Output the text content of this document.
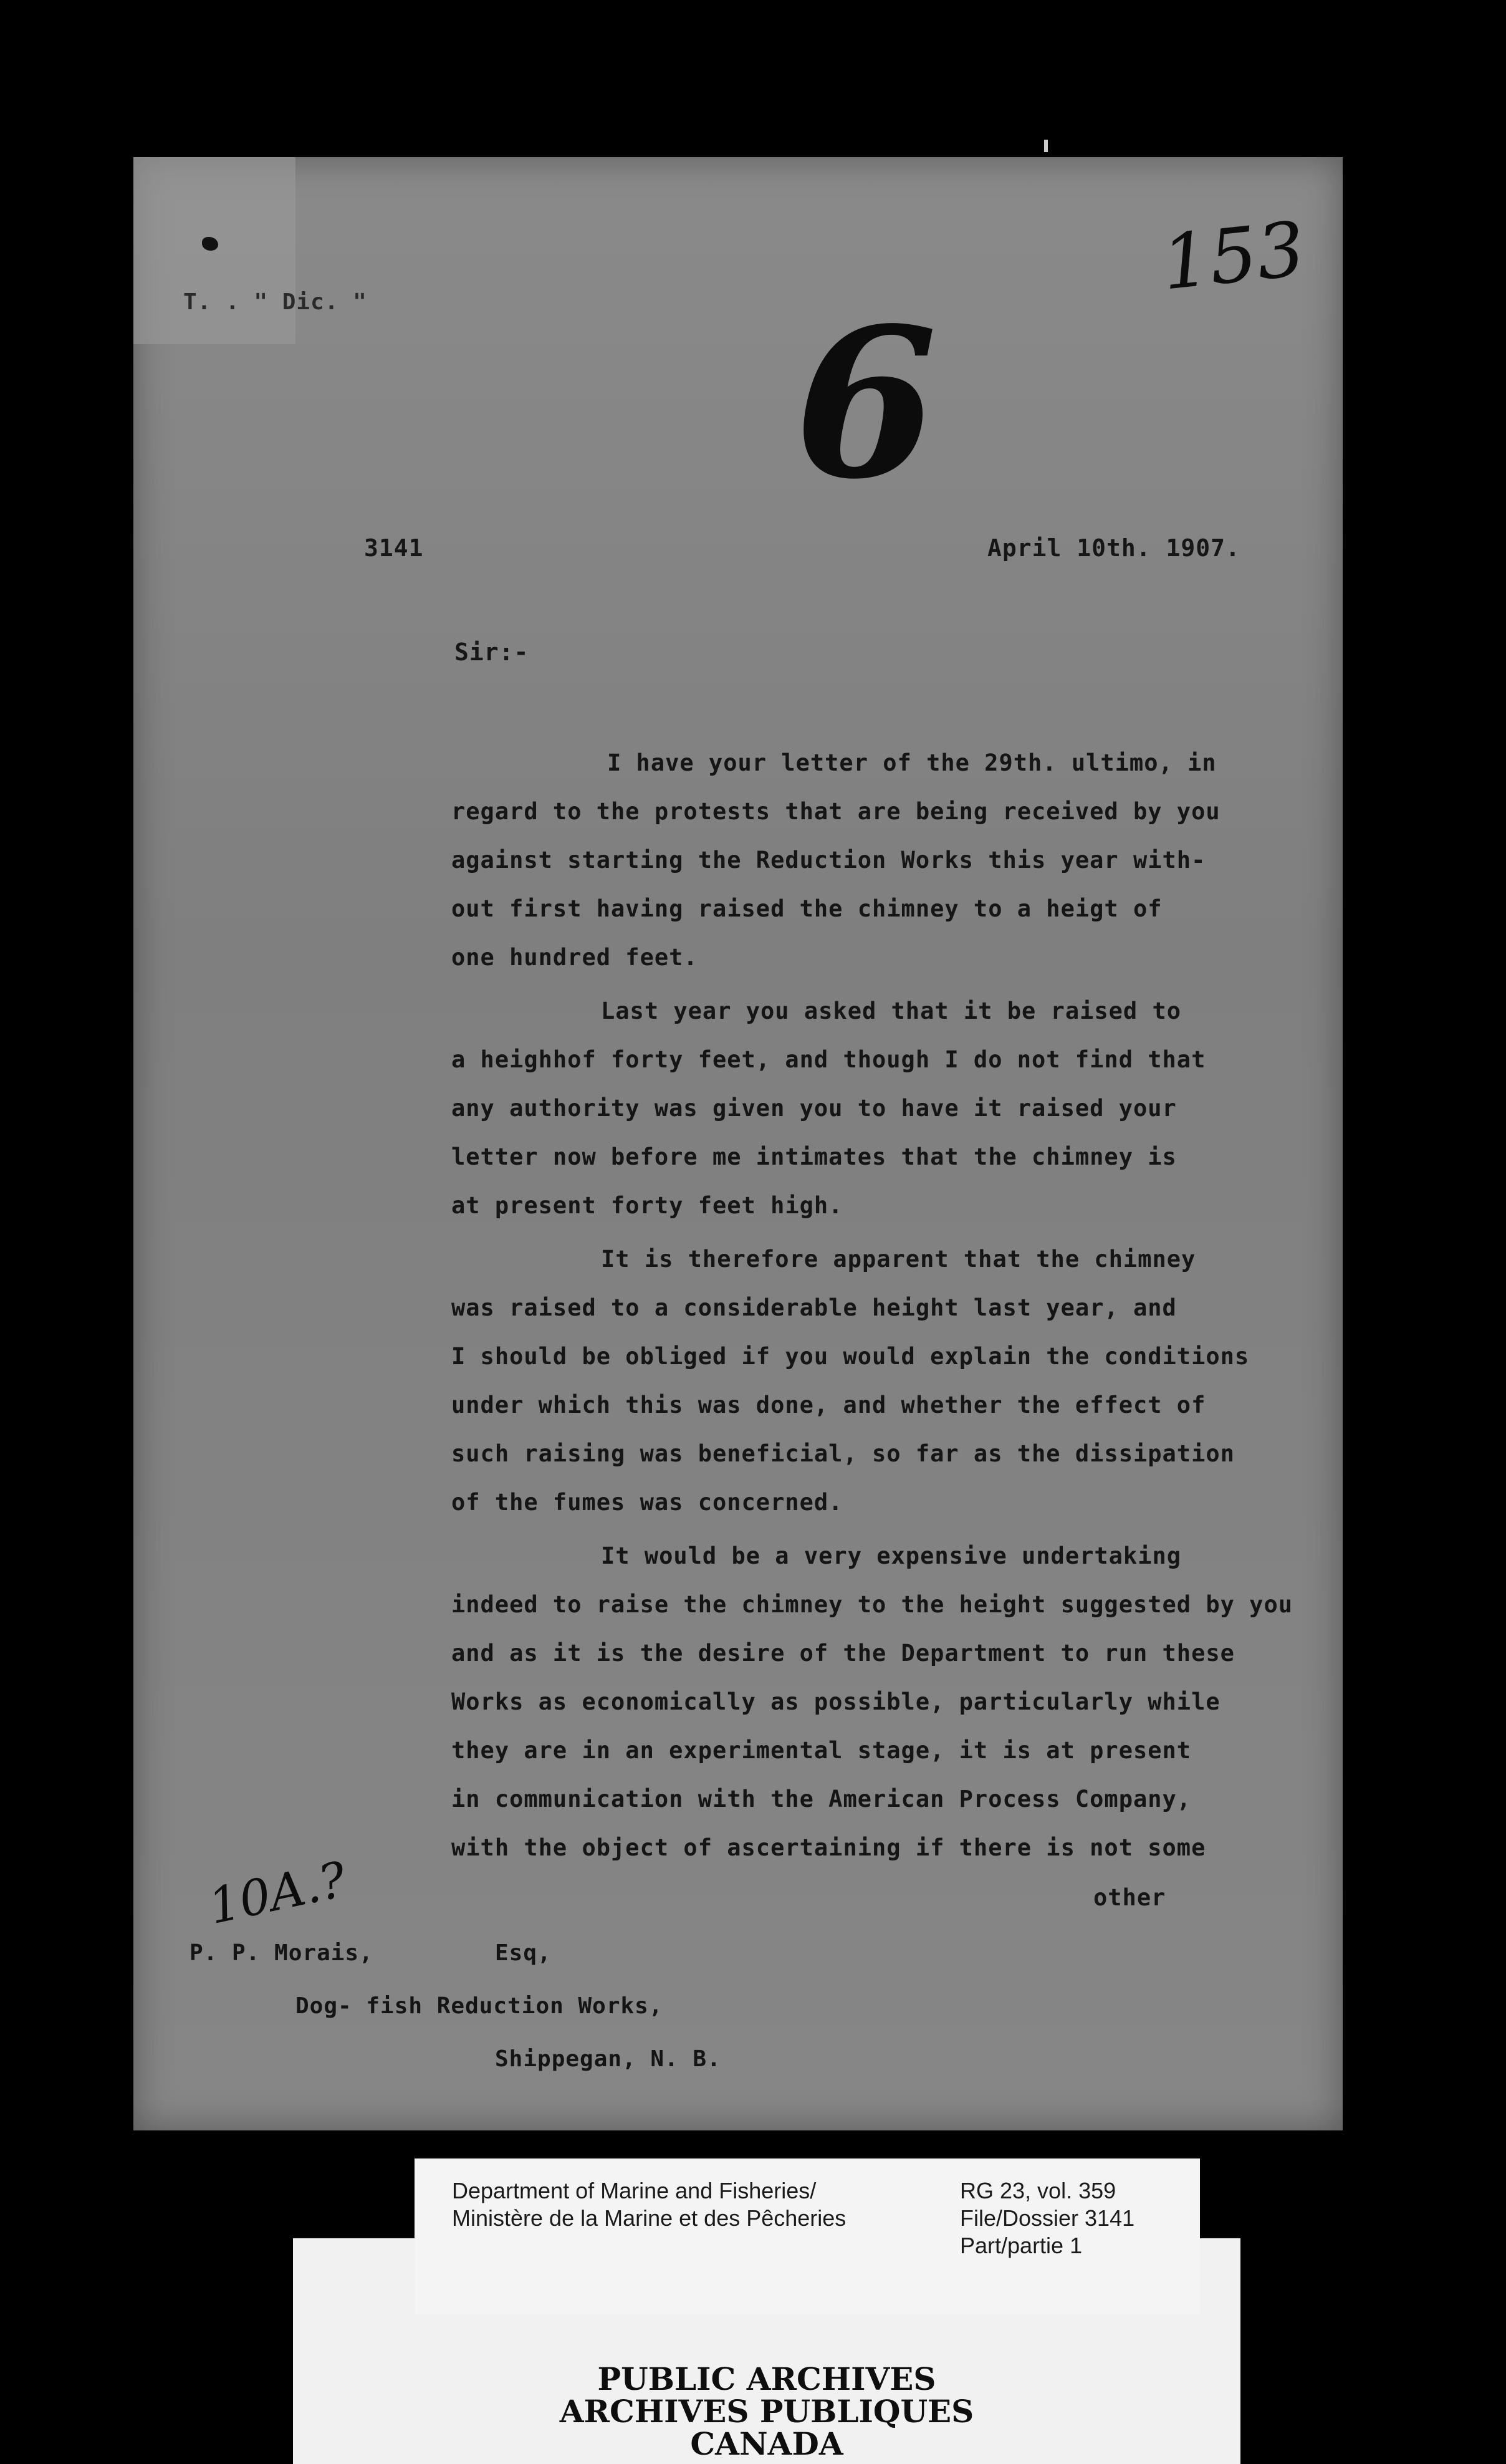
T. . " Dic. "	153
6
3141	April 10th. 1907.
Sir:-
I have your letter of the 29th. ultimo, in
regard to the protests that are being received by you
against starting the Reduction Works this year with-
out first having raised the chimney to a heigt of
one hundred feet.
Last year you asked that it be raised to
a heighhof forty feet, and though I do not find that
any authority was given you to have it raised your
letter now before me intimates that the chimney is
at present forty feet high.
It is therefore apparent that the chimney
was raised to a considerable height last year, and
I should be obliged if you would explain the conditions
under which this was done, and whether the effect of
such raising was beneficial, so far as the dissipation
of the fumes was concerned.
It would be a very expensive undertaking
indeed to raise the chimney to the height suggested by you
and as it is the desire of the Department to run these
Works as economically as possible, particularly while
they are in an experimental stage, it is at present
in communication with the American Process Company,
with the object of ascertaining if there is not some
other
10A.?
P. P. Morais,	Esq,
Dog- fish Reduction Works,
Shippegan, N. B.
PUBLIC ARCHIVES
ARCHIVES PUBLIQUES
CANADA
Department of Marine and Fisheries/
Ministère de la Marine et des Pêcheries
RG 23, vol. 359
File/Dossier 3141
Part/partie 1
